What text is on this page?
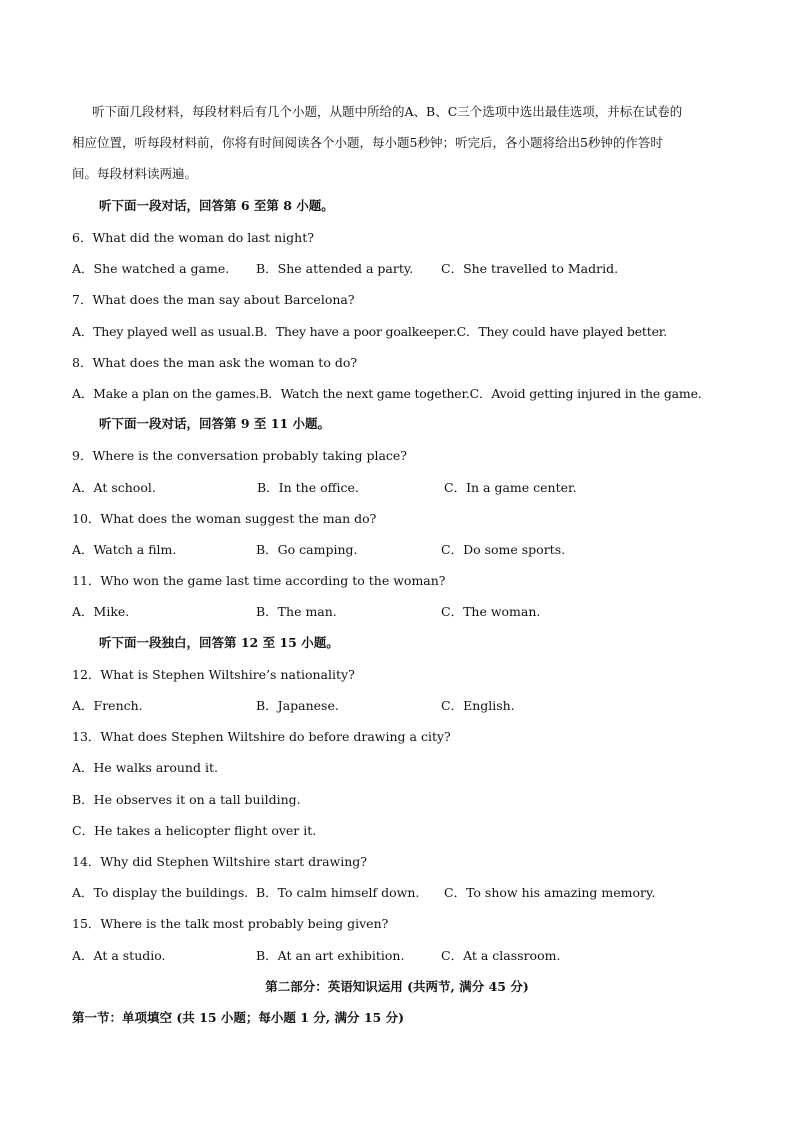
听下面几段材料，每段材料后有几个小题，从题中所给的A、B、C三个选项中选出最佳选项，并标在试卷的相应位置，听每段材料前，你将有时间阅读各个小题，每小题5秒钟；听完后，各小题将给出5秒钟的作答时间。每段材料读两遍。
听下面一段对话，回答第 6 至第 8 小题。
6．What did the woman do last night?
A．She watched a game. B．She attended a party. C．She travelled to Madrid.
7．What does the man say about Barcelona?
A．They played well as usual.B．They have a poor goalkeeper.C．They could have played better.
8．What does the man ask the woman to do?
A．Make a plan on the games.B．Watch the next game together.C．Avoid getting injured in the game.
听下面一段对话，回答第 9 至 11 小题。
9．Where is the conversation probably taking place?
A．At school.	B．In the office.	C．In a game center.
10．What does the woman suggest the man do?
A．Watch a film.	B．Go camping.	C．Do some sports.
11．Who won the game last time according to the woman?
A．Mike.	B．The man.	C．The woman.
听下面一段独白，回答第 12 至 15 小题。
12．What is Stephen Wiltshire’s nationality?
A．French.	B．Japanese.	C．English.
13．What does Stephen Wiltshire do before drawing a city?
A．He walks around it.
B．He observes it on a tall building.
C．He takes a helicopter flight over it.
14．Why did Stephen Wiltshire start drawing?
A．To display the buildings. B．To calm himself down. C．To show his amazing memory.
15．Where is the talk most probably being given?
A．At a studio.	B．At an art exhibition.	C．At a classroom.
第二部分：英语知识运用 (共两节, 满分 45 分)
第一节：单项填空 (共 15 小题；每小题 1 分, 满分 15 分)
